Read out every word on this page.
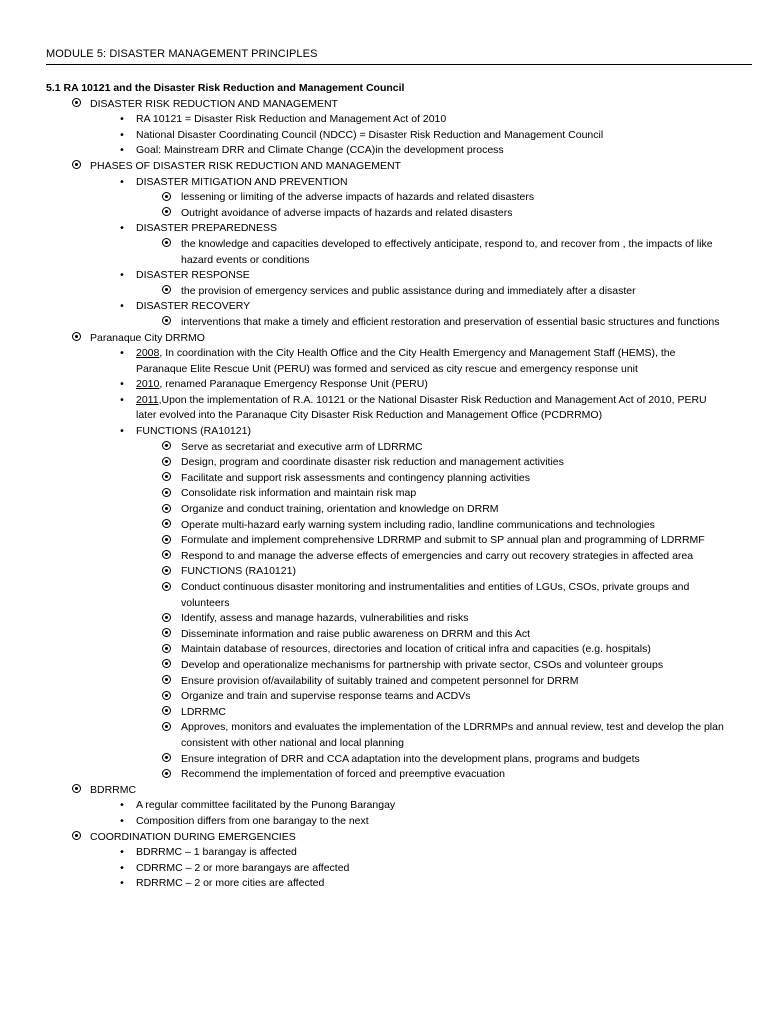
MODULE 5: DISASTER MANAGEMENT PRINCIPLES
5.1 RA 10121 and the Disaster Risk Reduction and Management Council
DISASTER RISK REDUCTION AND MANAGEMENT
• RA 10121 = Disaster Risk Reduction and Management Act of 2010
• National Disaster Coordinating Council (NDCC) = Disaster Risk Reduction and Management Council
• Goal: Mainstream DRR and Climate Change (CCA)in the development process
PHASES OF DISASTER RISK REDUCTION AND MANAGEMENT
• DISASTER MITIGATION AND PREVENTION
lessening or limiting of the adverse impacts of hazards and related disasters
Outright avoidance of adverse impacts of hazards and related disasters
• DISASTER PREPAREDNESS
the knowledge and capacities developed to effectively anticipate, respond to, and recover from , the impacts of like hazard events or conditions
• DISASTER RESPONSE
the provision of emergency services and public assistance during and immediately after a disaster
• DISASTER RECOVERY
interventions that make a timely and efficient restoration and preservation of essential basic structures and functions
Paranaque City DRRMO
• 2008, In coordination with the City Health Office and the City Health Emergency and Management Staff (HEMS), the Paranaque Elite Rescue Unit (PERU) was formed and serviced as city rescue and emergency response unit
• 2010, renamed Paranaque Emergency Response Unit (PERU)
• 2011,Upon the implementation of R.A. 10121 or the National Disaster Risk Reduction and Management Act of 2010, PERU later evolved into the Paranaque City Disaster Risk Reduction and Management Office (PCDRRMO)
• FUNCTIONS (RA10121)
Serve as secretariat and executive arm of LDRRMC
Design, program and coordinate disaster risk reduction and management activities
Facilitate and support risk assessments and contingency planning activities
Consolidate risk information and maintain risk map
Organize and conduct training, orientation and knowledge on DRRM
Operate multi-hazard early warning system including radio, landline communications and technologies
Formulate and implement comprehensive LDRRMP and submit to SP annual plan and programming of LDRRMF
Respond to and manage the adverse effects of emergencies and carry out recovery strategies in affected area
FUNCTIONS (RA10121)
Conduct continuous disaster monitoring and instrumentalities and entities of LGUs, CSOs, private groups and volunteers
Identify, assess and manage hazards, vulnerabilities and risks
Disseminate information and raise public awareness on DRRM and this Act
Maintain database of resources, directories and location of critical infra and capacities (e.g. hospitals)
Develop and operationalize mechanisms for partnership with private sector, CSOs and volunteer groups
Ensure provision of/availability of suitably trained and competent personnel for DRRM
Organize and train and supervise response teams and ACDVs
LDRRMC
Approves, monitors and evaluates the implementation of the LDRRMPs and annual review, test and develop the plan consistent with other national and local planning
Ensure integration of DRR and CCA adaptation into the development plans, programs and budgets
Recommend the implementation of forced and preemptive evacuation
BDRRMC
• A regular committee facilitated by the Punong Barangay
• Composition differs from one barangay to the next
COORDINATION DURING EMERGENCIES
• BDRRMC – 1 barangay is affected
• CDRRMC – 2 or more barangays are affected
• RDRRMC – 2 or more cities are affected
